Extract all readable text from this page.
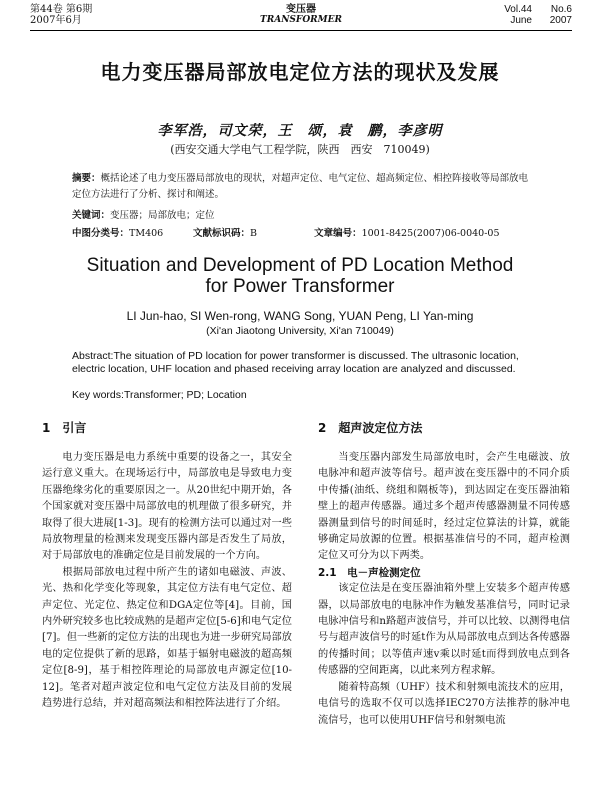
第44卷 第6期
2007年6月
变压器
TRANSFORMER
Vol.44 No.6
June 2007
电力变压器局部放电定位方法的现状及发展
李军浩，司文荣，王　颂，袁　鹏，李彦明
(西安交通大学电气工程学院，陕西　西安　710049)
摘要：概括论述了电力变压器局部放电的现状，对超声定位、电气定位、超高频定位、相控阵接收等局部放电定位方法进行了分析、探讨和阐述。
关键词：变压器；局部放电；定位
中图分类号：TM406	文献标识码：B	文章编号：1001-8425(2007)06-0040-05
Situation and Development of PD Location Method
for Power Transformer
LI Jun-hao, SI Wen-rong, WANG Song, YUAN Peng, LI Yan-ming
(Xi'an Jiaotong University, Xi'an 710049)
Abstract:The situation of PD location for power transformer is discussed. The ultrasonic location, electric location, UHF location and phased receiving array location are analyzed and discussed.
Key words:Transformer; PD; Location
1　引言

电力变压器是电力系统中重要的设备之一，其安全运行意义重大。在现场运行中，局部放电是导致电力变压器绝缘劣化的重要原因之一。从20世纪中期开始，各个国家就对变压器中局部放电的机理做了很多研究，并取得了很大进展[1-3]。现有的检测方法可以通过对一些局放物理量的检测来发现变压器内部是否发生了局放，对于局部放电的准确定位是目前发展的一个方向。

根据局部放电过程中所产生的诸如电磁波、声波、光、热和化学变化等现象，其定位方法有电气定位、超声定位、光定位、热定位和DGA定位等[4]。目前，国内外研究较多也比较成熟的是超声定位[5-6]和电气定位[7]。但一些新的定位方法的出现也为进一步研究局部放电的定位提供了新的思路，如基于辐射电磁波的超高频定位[8-9]，基于相控阵理论的局部放电声源定位[10-12]。笔者对超声波定位和电气定位方法及目前的发展趋势进行总结，并对超高频法和相控阵法进行了介绍。

2　超声波定位方法

当变压器内部发生局部放电时，会产生电磁波、放电脉冲和超声波等信号。超声波在变压器中的不同介质中传播(油纸、绕组和隔板等)，到达固定在变压器油箱壁上的超声传感器。通过多个超声传感器测量不同传感器测量到信号的时间延时，经过定位算法的计算，就能够确定局放源的位置。根据基准信号的不同，超声检测定位又可分为以下两类。

2.1　电－声检测定位

该定位法是在变压器油箱外壁上安装多个超声传感器，以局部放电的电脉冲作为触发基准信号，同时记录电脉冲信号和n路超声波信号，并可以比较、以测得电信号与超声波信号的时延t作为从局部放电点到达各传感器的传播时间；以等值声速v乘以时延t而得到放电点到各传感器的空间距离，以此来列方程求解。

随着特高频（UHF）技术和射频电流技术的应用，电信号的选取不仅可以选择IEC270方法推荐的脉冲电流信号，也可以使用UHF信号和射频电流
